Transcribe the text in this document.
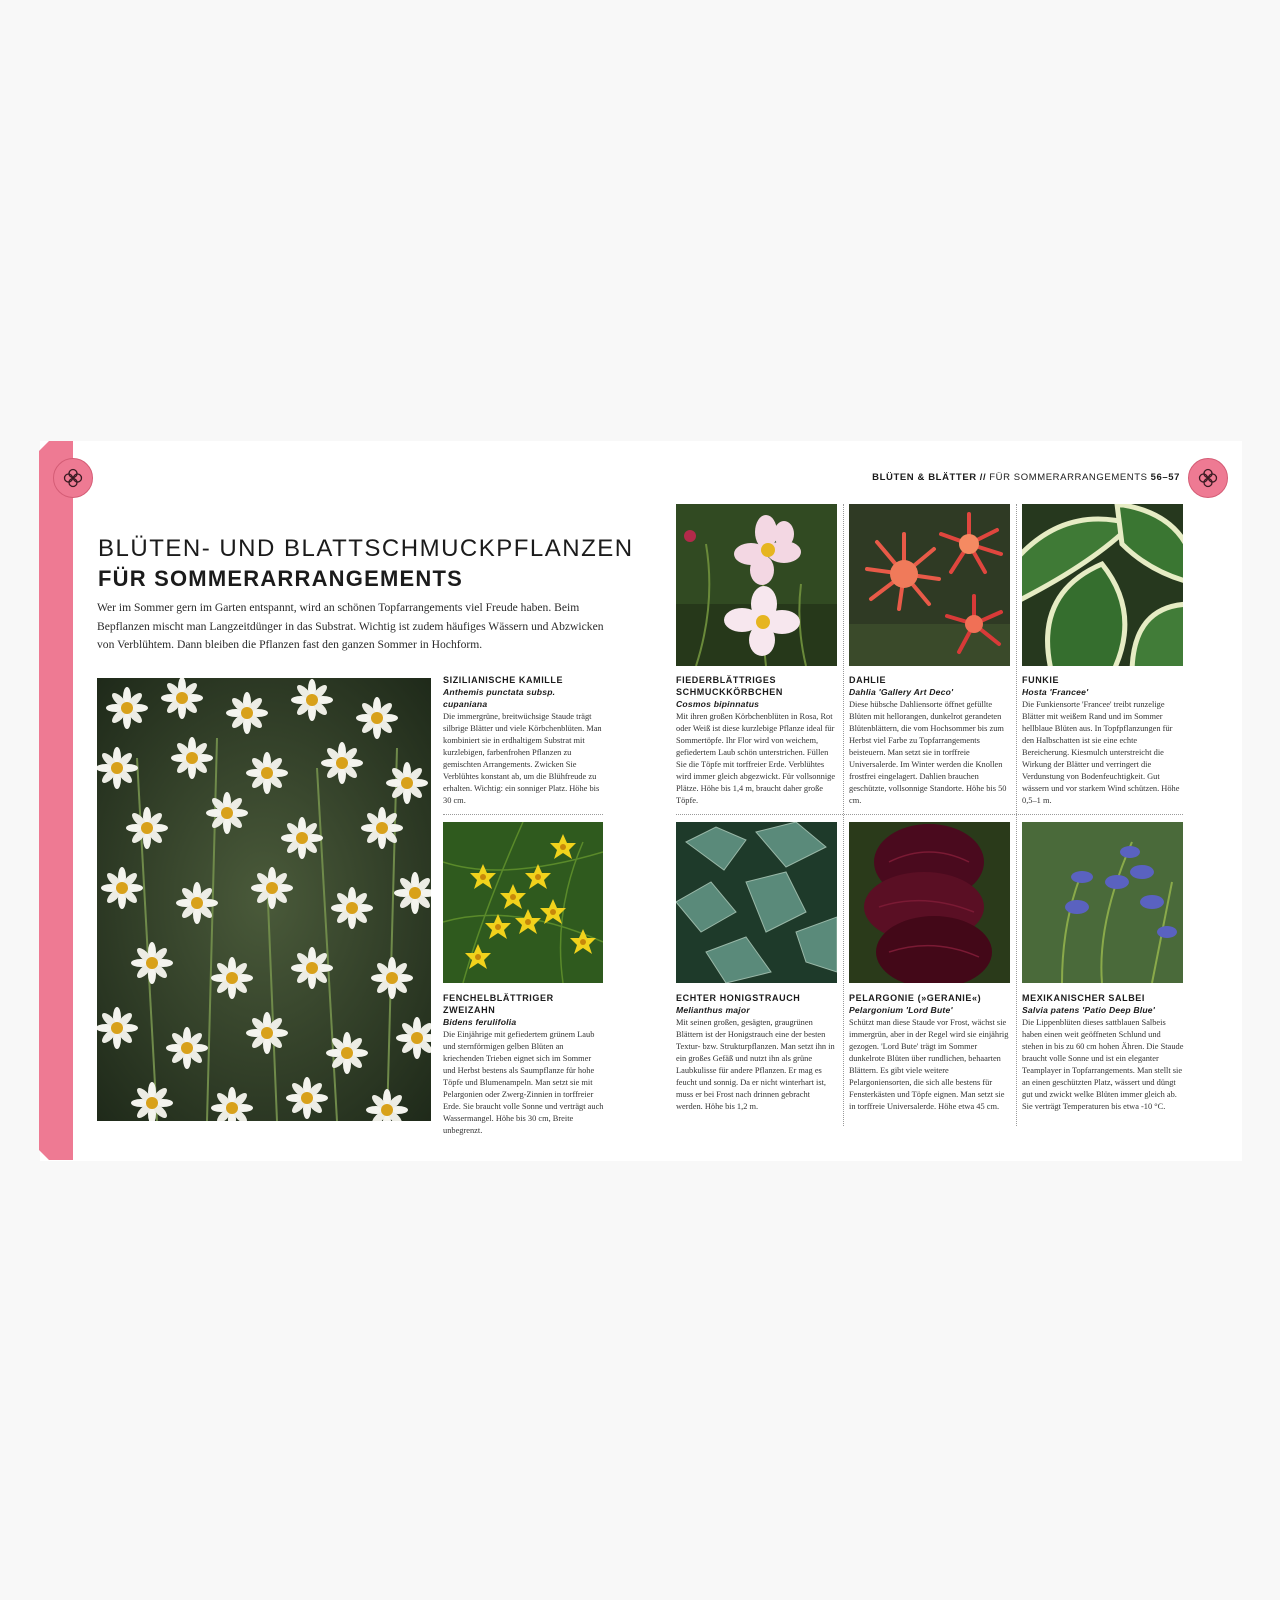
BLÜTEN & BLÄTTER // FÜR SOMMERARRANGEMENTS 56–57
BLÜTEN- UND BLATTSCHMUCKPFLANZEN
FÜR SOMMERARRANGEMENTS
Wer im Sommer gern im Garten entspannt, wird an schönen Topfarrangements viel Freude haben. Beim Bepflanzen mischt man Langzeitdünger in das Substrat. Wichtig ist zudem häufiges Wässern und Abzwicken von Verblühtem. Dann bleiben die Pflanzen fast den ganzen Sommer in Hochform.
SIZILIANISCHE KAMILLE
Anthemis punctata subsp.
cupaniana
Die immergrüne, breitwüchsige Staude trägt silbrige Blätter und viele Körbchenblüten. Man kombiniert sie in erdhaltigem Substrat mit kurzlebigen, farbenfrohen Pflanzen zu gemischten Arrangements. Zwicken Sie Verblühtes konstant ab, um die Blühfreude zu erhalten. Wichtig: ein sonniger Platz. Höhe bis 30 cm.
FIEDERBLÄTTRIGES SCHMUCKKÖRBCHEN
Cosmos bipinnatus
Mit ihren großen Körbchenblüten in Rosa, Rot oder Weiß ist diese kurzlebige Pflanze ideal für Sommertöpfe. Ihr Flor wird von weichem, gefiedertem Laub schön unterstrichen. Füllen Sie die Töpfe mit torffreier Erde. Verblühtes wird immer gleich abgezwickt. Für vollsonnige Plätze. Höhe bis 1,4 m, braucht daher große Töpfe.
DAHLIE
Dahlia 'Gallery Art Deco'
Diese hübsche Dahliensorte öffnet gefüllte Blüten mit hellorangen, dunkelrot gerandeten Blütenblättern, die vom Hochsommer bis zum Herbst viel Farbe zu Topfarrangements beisteuern. Man setzt sie in torffreie Universalerde. Im Winter werden die Knollen frostfrei eingelagert. Dahlien brauchen geschützte, vollsonnige Standorte. Höhe bis 50 cm.
FUNKIE
Hosta 'Francee'
Die Funkiensorte 'Francee' treibt runzelige Blätter mit weißem Rand und im Sommer hellblaue Blüten aus. In Topfpflanzungen für den Halbschatten ist sie eine echte Bereicherung. Kiesmulch unterstreicht die Wirkung der Blätter und verringert die Verdunstung von Bodenfeuchtigkeit. Gut wässern und vor starkem Wind schützen. Höhe 0,5–1 m.
FENCHELBLÄTTRIGER ZWEIZAHN
Bidens ferulifolia
Die Einjährige mit gefiedertem grünem Laub und sternförmigen gelben Blüten an kriechenden Trieben eignet sich im Sommer und Herbst bestens als Saumpflanze für hohe Töpfe und Blumenampeln. Man setzt sie mit Pelargonien oder Zwerg-Zinnien in torffreier Erde. Sie braucht volle Sonne und verträgt auch Wassermangel. Höhe bis 30 cm, Breite unbegrenzt.
ECHTER HONIGSTRAUCH
Melianthus major
Mit seinen großen, gesägten, graugrünen Blättern ist der Honigstrauch eine der besten Textur- bzw. Strukturpflanzen. Man setzt ihn in ein großes Gefäß und nutzt ihn als grüne Laubkulisse für andere Pflanzen. Er mag es feucht und sonnig. Da er nicht winterhart ist, muss er bei Frost nach drinnen gebracht werden. Höhe bis 1,2 m.
PELARGONIE (»GERANIE«)
Pelargonium 'Lord Bute'
Schützt man diese Staude vor Frost, wächst sie immergrün, aber in der Regel wird sie einjährig gezogen. 'Lord Bute' trägt im Sommer dunkelrote Blüten über rundlichen, behaarten Blättern. Es gibt viele weitere Pelargoniensorten, die sich alle bestens für Fensterkästen und Töpfe eignen. Man setzt sie in torffreie Universalerde. Höhe etwa 45 cm.
MEXIKANISCHER SALBEI
Salvia patens 'Patio Deep Blue'
Die Lippenblüten dieses sattblauen Salbeis haben einen weit geöffneten Schlund und stehen in bis zu 60 cm hohen Ähren. Die Staude braucht volle Sonne und ist ein eleganter Teamplayer in Topfarrangements. Man stellt sie an einen geschützten Platz, wässert und düngt gut und zwickt welke Blüten immer gleich ab. Sie verträgt Temperaturen bis etwa -10 °C.
